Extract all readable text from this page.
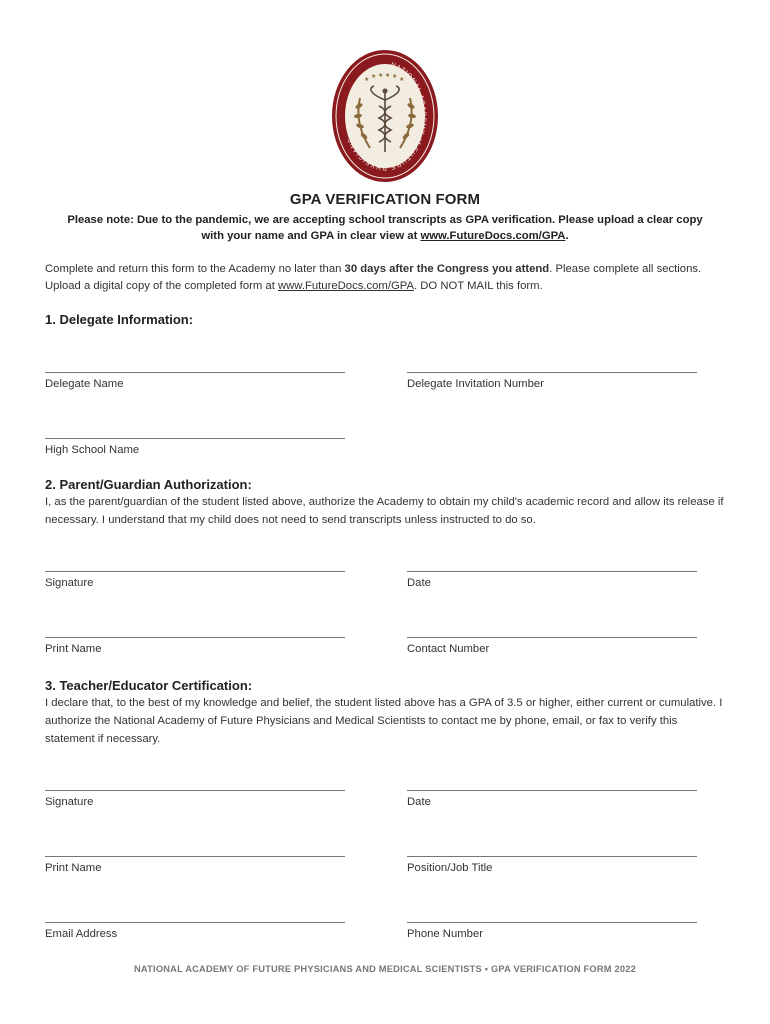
NATIONAL ACADEMY of FUTURE PHYSICIANS
★ ★ ★ ★ ★ ★
GPA VERIFICATION FORM
Please note: Due to the pandemic, we are accepting school transcripts as GPA verification. Please upload a clear copy
with your name and GPA in clear view at www.FutureDocs.com/GPA.
Complete and return this form to the Academy no later than 30 days after the Congress you attend. Please complete all sections. Upload a digital copy of the completed form at www.FutureDocs.com/GPA. DO NOT MAIL this form.
1. Delegate Information:
Delegate Name	Delegate Invitation Number
High School Name
2. Parent/Guardian Authorization:
I, as the parent/guardian of the student listed above, authorize the Academy to obtain my child's academic record and allow its release if necessary. I understand that my child does not need to send transcripts unless instructed to do so.
Signature	Date
Print Name	Contact Number
3. Teacher/Educator Certification:
I declare that, to the best of my knowledge and belief, the student listed above has a GPA of 3.5 or higher, either current or cumulative. I authorize the National Academy of Future Physicians and Medical Scientists to contact me by phone, email, or fax to verify this statement if necessary.
Signature	Date
Print Name	Position/Job Title
Email Address	Phone Number
NATIONAL ACADEMY OF FUTURE PHYSICIANS AND MEDICAL SCIENTISTS • GPA VERIFICATION FORM 2022
